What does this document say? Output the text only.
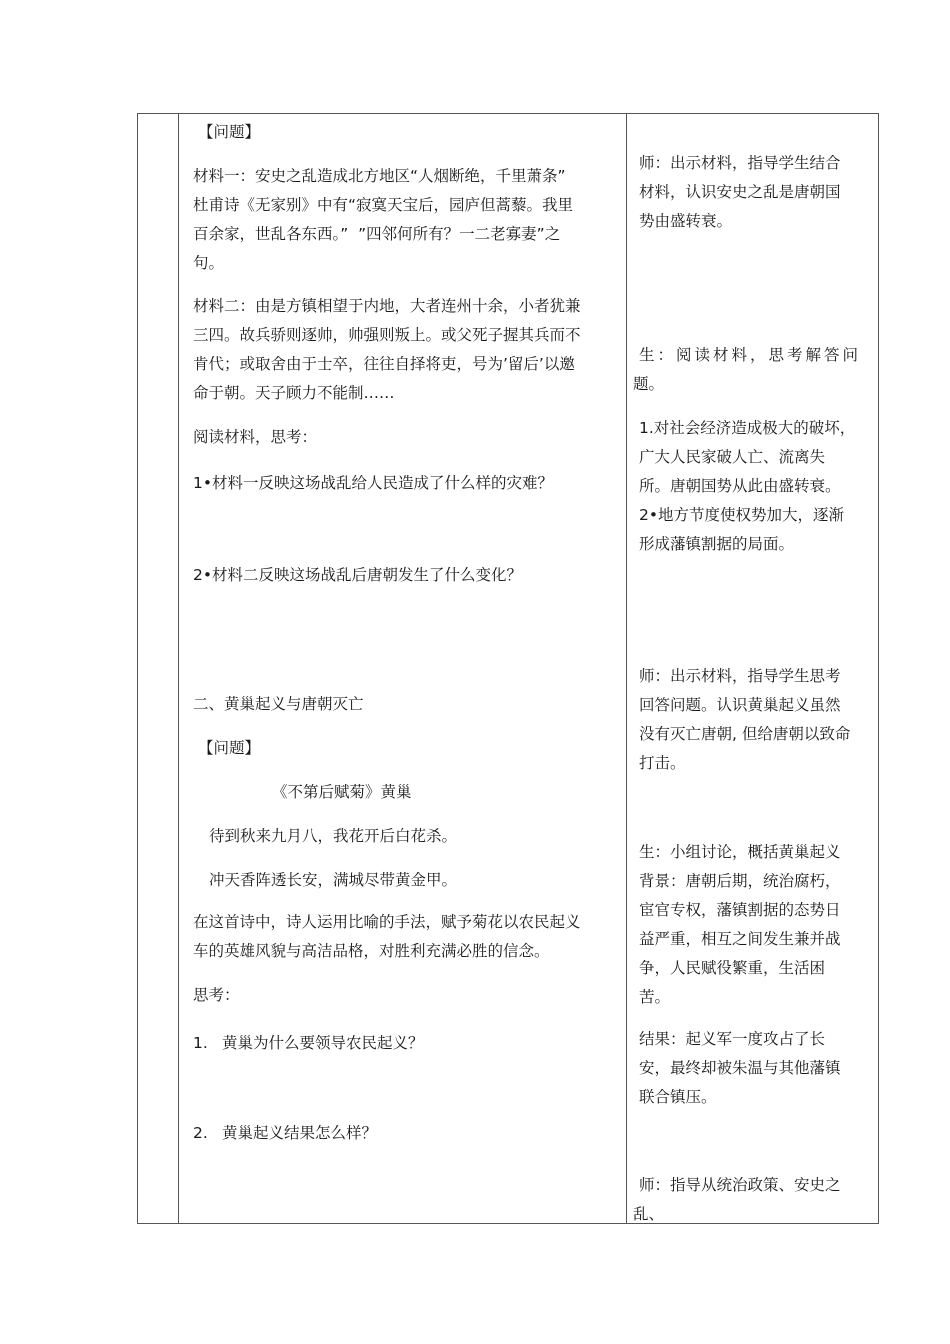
【问题】

材料一：安史之乱造成北方地区“人烟断绝，千里萧条”

杜甫诗《无家别》中有“寂寞天宝后，园庐但蒿藜。我里

百余家，世乱各东西。”  ”四邻何所有？一二老寡妻”之

句。

材料二：由是方镇相望于内地，大者连州十余，小者犹兼

三四。故兵骄则逐帅，帅强则叛上。或父死子握其兵而不

肯代；或取舍由于士卒，往往自择将吏，号为’留后’以邀

命于朝。天子顾力不能制……

阅读材料，思考：

1•材料一反映这场战乱给人民造成了什么样的灾难？

2•材料二反映这场战乱后唐朝发生了什么变化？

二、黄巢起义与唐朝灭亡

【问题】

《不第后赋菊》黄巢

待到秋来九月八，我花开后白花杀。

冲天香阵透长安，满城尽带黄金甲。

在这首诗中，诗人运用比喻的手法，赋予菊花以农民起义

车的英雄风貌与高洁品格，对胜利充满必胜的信念。

思考：

1. 黄巢为什么要领导农民起义？

2. 黄巢起义结果怎么样？

师：出示材料，指导学生结合

材料，认识安史之乱是唐朝国

势由盛转衰。

生：阅读材料，思考解答问

题。

1.对社会经济造成极大的破坏，

广大人民家破人亡、流离失

所。唐朝国势从此由盛转衰。

2•地方节度使权势加大，逐渐

形成藩镇割据的局面。

师：出示材料，指导学生思考

回答问题。认识黄巢起义虽然

没有灭亡唐朝, 但给唐朝以致命

打击。

生：小组讨论，概括黄巢起义

背景：唐朝后期，统治腐朽，

宦官专权，藩镇割据的态势日

益严重，相互之间发生兼并战

争，人民赋役繁重，生活困

苦。

结果：起义军一度攻占了长

安，最终却被朱温与其他藩镇

联合镇压。

师：指导从统治政策、安史之

乱、
